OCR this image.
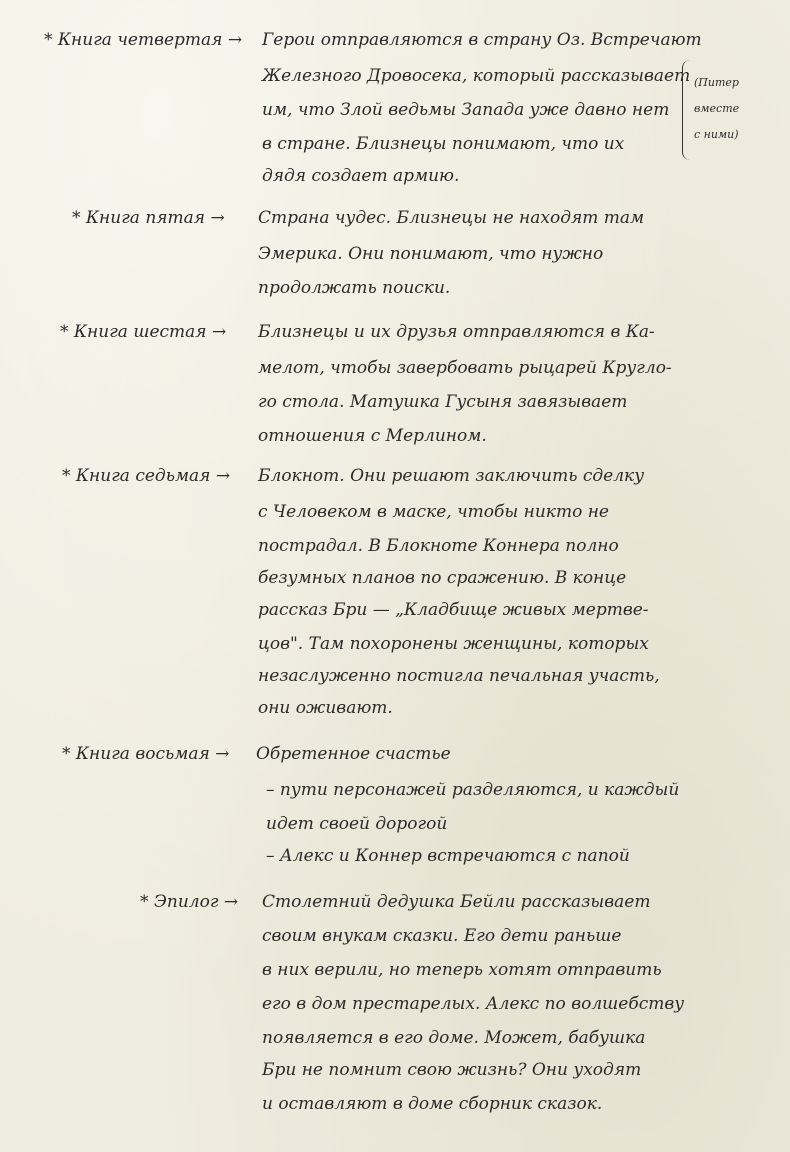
* Книга четвертая → Герои отправляются в страну Оз. Встречают
Железного Дровосека, который рассказывает
им, что Злой ведьмы Запада уже давно нет
в стране. Близнецы понимают, что их
дядя создает армию.
(Питер
вместе
с ними)
* Книга пятая → Страна чудес. Близнецы не находят там
Эмерика. Они понимают, что нужно
продолжать поиски.
* Книга шестая → Близнецы и их друзья отправляются в Ка-
мелот, чтобы завербовать рыцарей Кругло-
го стола. Матушка Гусыня завязывает
отношения с Мерлином.
* Книга седьмая → Блокнот. Они решают заключить сделку
с Человеком в маске, чтобы никто не
пострадал. В Блокноте Коннера полно
безумных планов по сражению. В конце
рассказ Бри — „Кладбище живых мертве-
цов". Там похоронены женщины, которых
незаслуженно постигла печальная участь,
они оживают.
* Книга восьмая → Обретенное счастье
– пути персонажей разделяются, и каждый
идет своей дорогой
– Алекс и Коннер встречаются с папой
* Эпилог → Столетний дедушка Бейли рассказывает
своим внукам сказки. Его дети раньше
в них верили, но теперь хотят отправить
его в дом престарелых. Алекс по волшебству
появляется в его доме. Может, бабушка
Бри не помнит свою жизнь? Они уходят
и оставляют в доме сборник сказок.
